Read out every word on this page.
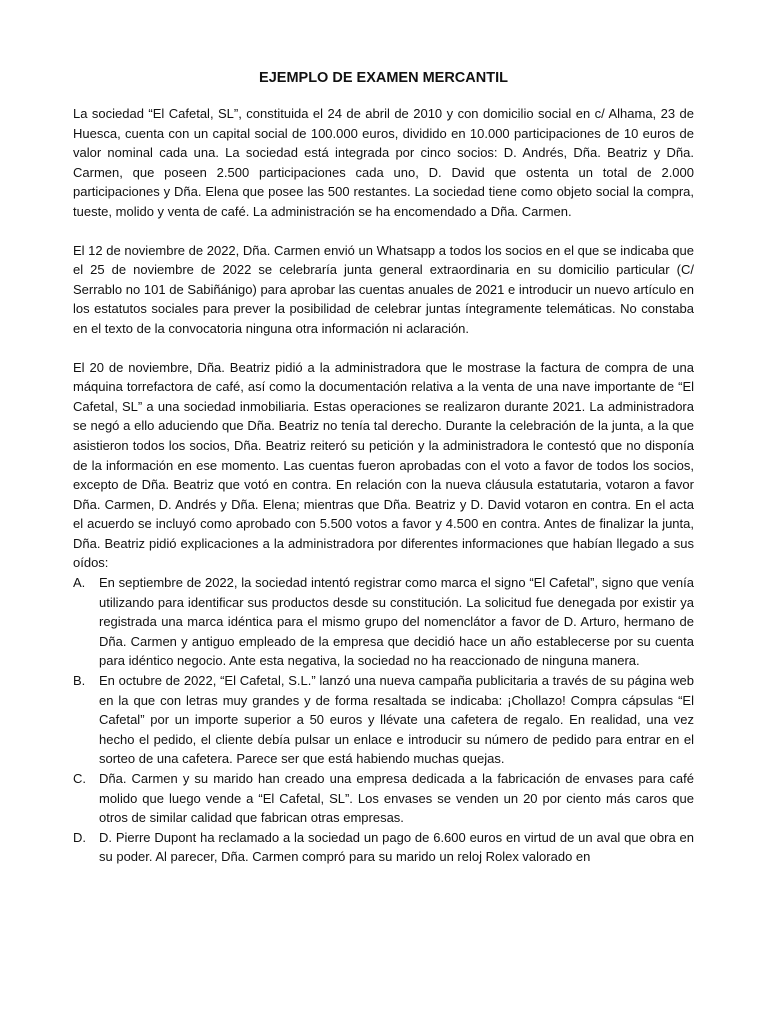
EJEMPLO DE EXAMEN MERCANTIL

La sociedad “El Cafetal, SL”, constituida el 24 de abril de 2010 y con domicilio social en c/ Alhama, 23 de Huesca, cuenta con un capital social de 100.000 euros, dividido en 10.000 participaciones de 10 euros de valor nominal cada una. La sociedad está integrada por cinco socios: D. Andrés, Dña. Beatriz y Dña. Carmen, que poseen 2.500 participaciones cada uno, D. David que ostenta un total de 2.000 participaciones y Dña. Elena que posee las 500 restantes. La sociedad tiene como objeto social la compra, tueste, molido y venta de café. La administración se ha encomendado a Dña. Carmen.

El 12 de noviembre de 2022, Dña. Carmen envió un Whatsapp a todos los socios en el que se indicaba que el 25 de noviembre de 2022 se celebraría junta general extraordinaria en su domicilio particular (C/ Serrablo no 101 de Sabiñánigo) para aprobar las cuentas anuales de 2021 e introducir un nuevo artículo en los estatutos sociales para prever la posibilidad de celebrar juntas íntegramente telemáticas. No constaba en el texto de la convocatoria ninguna otra información ni aclaración.

El 20 de noviembre, Dña. Beatriz pidió a la administradora que le mostrase la factura de compra de una máquina torrefactora de café, así como la documentación relativa a la venta de una nave importante de “El Cafetal, SL” a una sociedad inmobiliaria. Estas operaciones se realizaron durante 2021. La administradora se negó a ello aduciendo que Dña. Beatriz no tenía tal derecho. Durante la celebración de la junta, a la que asistieron todos los socios, Dña. Beatriz reiteró su petición y la administradora le contestó que no disponía de la información en ese momento. Las cuentas fueron aprobadas con el voto a favor de todos los socios, excepto de Dña. Beatriz que votó en contra. En relación con la nueva cláusula estatutaria, votaron a favor Dña. Carmen, D. Andrés y Dña. Elena; mientras que Dña. Beatriz y D. David votaron en contra. En el acta el acuerdo se incluyó como aprobado con 5.500 votos a favor y 4.500 en contra. Antes de finalizar la junta, Dña. Beatriz pidió explicaciones a la administradora por diferentes informaciones que habían llegado a sus oídos:

A. En septiembre de 2022, la sociedad intentó registrar como marca el signo “El Cafetal”, signo que venía utilizando para identificar sus productos desde su constitución. La solicitud fue denegada por existir ya registrada una marca idéntica para el mismo grupo del nomenclátor a favor de D. Arturo, hermano de Dña. Carmen y antiguo empleado de la empresa que decidió hace un año establecerse por su cuenta para idéntico negocio. Ante esta negativa, la sociedad no ha reaccionado de ninguna manera.
B. En octubre de 2022, “El Cafetal, S.L.” lanzó una nueva campaña publicitaria a través de su página web en la que con letras muy grandes y de forma resaltada se indicaba: ¡Chollazo! Compra cápsulas “El Cafetal” por un importe superior a 50 euros y llévate una cafetera de regalo. En realidad, una vez hecho el pedido, el cliente debía pulsar un enlace e introducir su número de pedido para entrar en el sorteo de una cafetera. Parece ser que está habiendo muchas quejas.
C. Dña. Carmen y su marido han creado una empresa dedicada a la fabricación de envases para café molido que luego vende a “El Cafetal, SL”. Los envases se venden un 20 por ciento más caros que otros de similar calidad que fabrican otras empresas.
D. D. Pierre Dupont ha reclamado a la sociedad un pago de 6.600 euros en virtud de un aval que obra en su poder. Al parecer, Dña. Carmen compró para su marido un reloj Rolex valorado en
